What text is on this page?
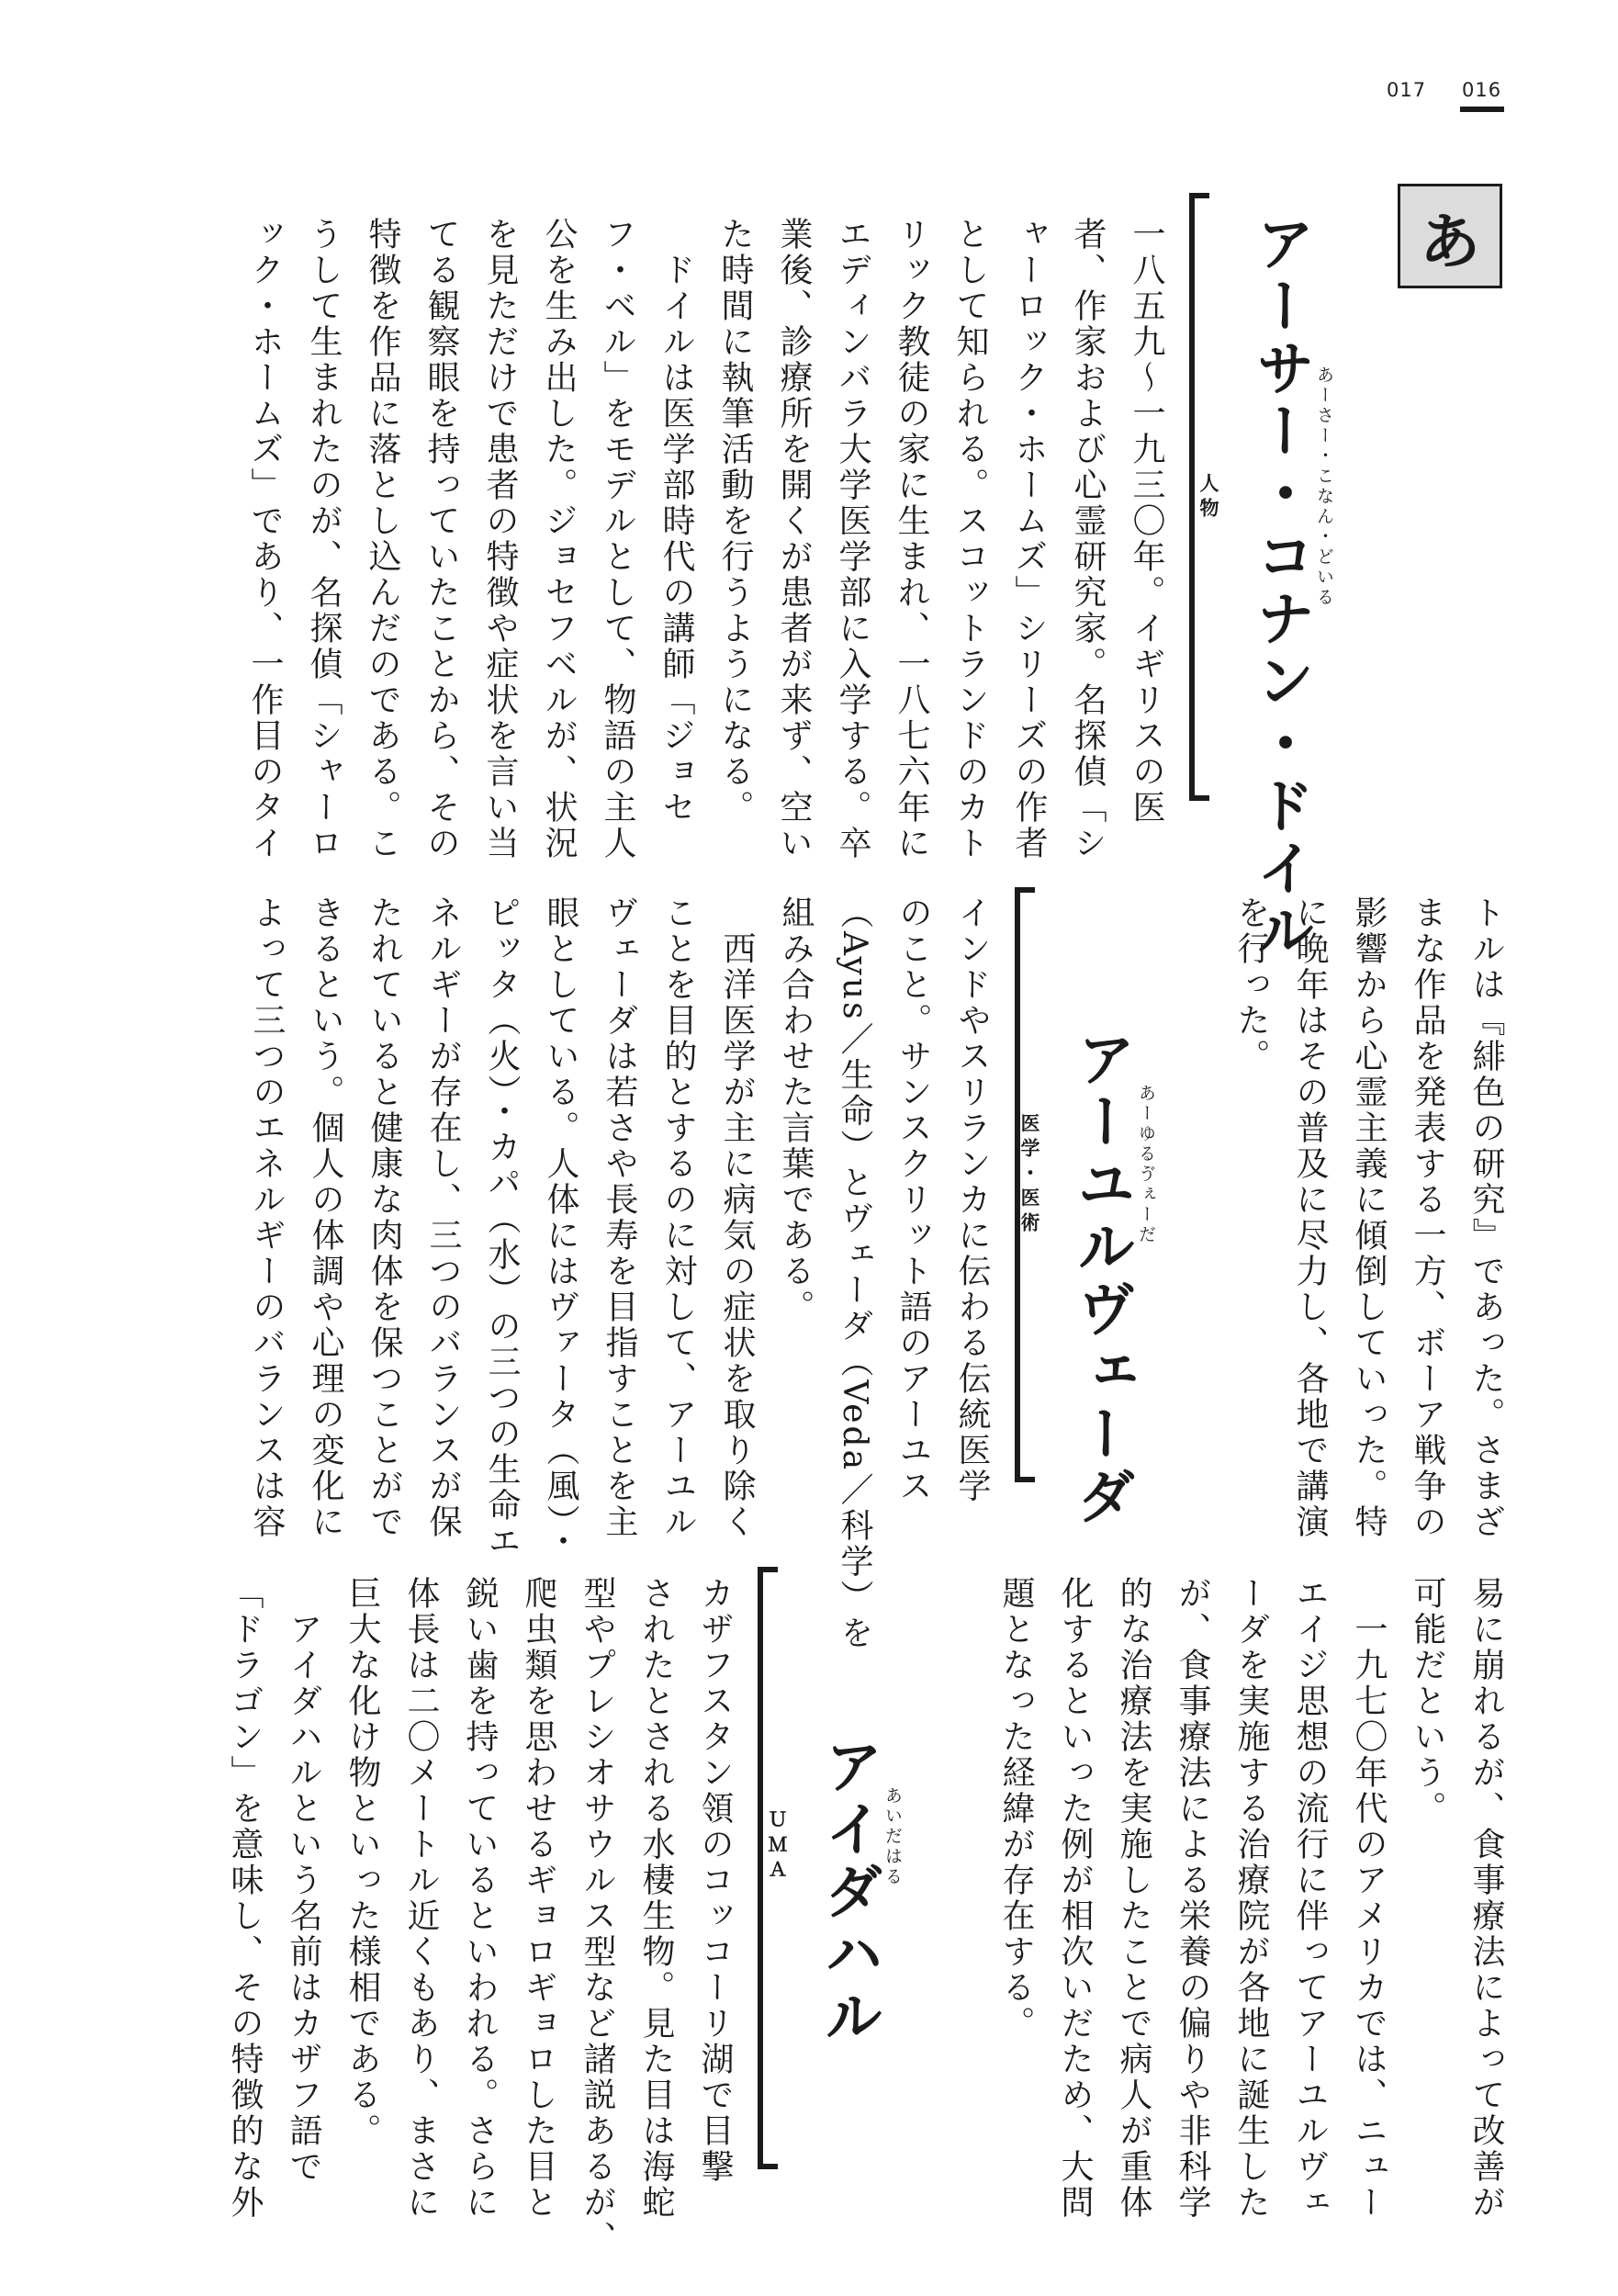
017 016
あ
アーサー・コナン・ドイル あーさー・こなん・どいる
人物

一八五九～一九三〇年。イギリスの医

者、作家および心霊研究家。名探偵「シ

ャーロック・ホームズ」シリーズの作者

として知られる。スコットランドのカト

リック教徒の家に生まれ、一八七六年に

エディンバラ大学医学部に入学する。卒

業後、診療所を開くが患者が来ず、空い

た時間に執筆活動を行うようになる。

　ドイルは医学部時代の講師「ジョセ

フ・ベル」をモデルとして、物語の主人

公を生み出した。ジョセフベルが、状況

を見ただけで患者の特徴や症状を言い当

てる観察眼を持っていたことから、その

特徴を作品に落とし込んだのである。こ

うして生まれたのが、名探偵「シャーロ

ック・ホームズ」であり、一作目のタイ

トルは『緋色の研究』であった。さまざ

まな作品を発表する一方、ボーア戦争の

影響から心霊主義に傾倒していった。特

に晩年はその普及に尽力し、各地で講演

を行った。

アーユルヴェーダ あーゆるゔぇーだ
医学・医術

インドやスリランカに伝わる伝統医学

のこと。サンスクリット語のアーユス

（Ayus／生命）とヴェーダ（Veda／科学）を

組み合わせた言葉である。

　西洋医学が主に病気の症状を取り除く

ことを目的とするのに対して、アーユル

ヴェーダは若さや長寿を目指すことを主

眼としている。人体にはヴァータ（風）・

ピッタ（火）・カパ（水）の三つの生命エ

ネルギーが存在し、三つのバランスが保

たれていると健康な肉体を保つことがで

きるという。個人の体調や心理の変化に

よって三つのエネルギーのバランスは容

易に崩れるが、食事療法によって改善が

可能だという。

　一九七〇年代のアメリカでは、ニュー

エイジ思想の流行に伴ってアーユルヴェ

ーダを実施する治療院が各地に誕生した

が、食事療法による栄養の偏りや非科学

的な治療法を実施したことで病人が重体

化するといった例が相次いだため、大問

題となった経緯が存在する。

アイダハル あいだはる
ＵＭＡ

カザフスタン領のコッコーリ湖で目撃

されたとされる水棲生物。見た目は海蛇

型やプレシオサウルス型など諸説あるが、

爬虫類を思わせるギョロギョロした目と

鋭い歯を持っているといわれる。さらに

体長は二〇メートル近くもあり、まさに

巨大な化け物といった様相である。

　アイダハルという名前はカザフ語で

「ドラゴン」を意味し、その特徴的な外
